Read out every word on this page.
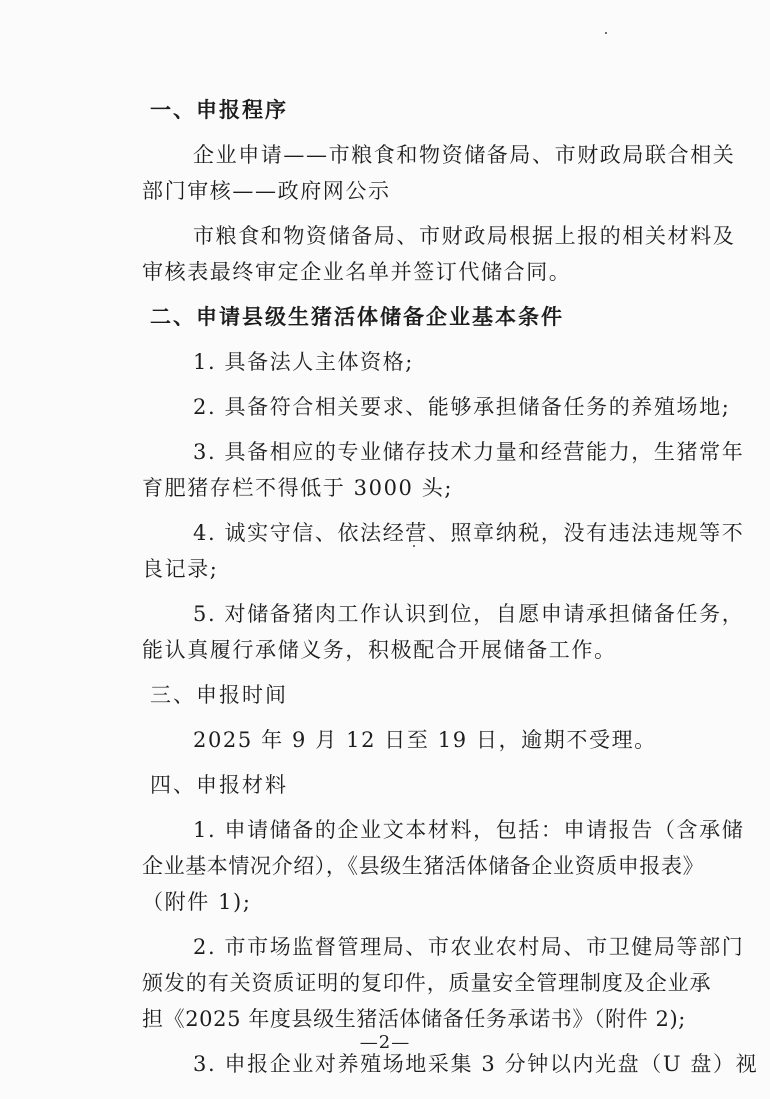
一、申报程序
企业申请——市粮食和物资储备局、市财政局联合相关
部门审核——政府网公示
市粮食和物资储备局、市财政局根据上报的相关材料及
审核表最终审定企业名单并签订代储合同。
二、申请县级生猪活体储备企业基本条件
1. 具备法人主体资格;
2. 具备符合相关要求、能够承担储备任务的养殖场地;
3. 具备相应的专业储存技术力量和经营能力，生猪常年
育肥猪存栏不得低于 3000 头;
4. 诚实守信、依法经营、照章纳税，没有违法违规等不
良记录;
5. 对储备猪肉工作认识到位，自愿申请承担储备任务，
能认真履行承储义务，积极配合开展储备工作。
三、申报时间
2025 年 9 月 12 日至 19 日，逾期不受理。
四、申报材料
1. 申请储备的企业文本材料，包括：申请报告（含承储
企业基本情况介绍），《县级生猪活体储备企业资质申报表》
（附件 1);
2. 市市场监督管理局、市农业农村局、市卫健局等部门
颁发的有关资质证明的复印件，质量安全管理制度及企业承
担《2025 年度县级生猪活体储备任务承诺书》（附件 2);
3. 申报企业对养殖场地采集 3 分钟以内光盘（U 盘）视
—2—
